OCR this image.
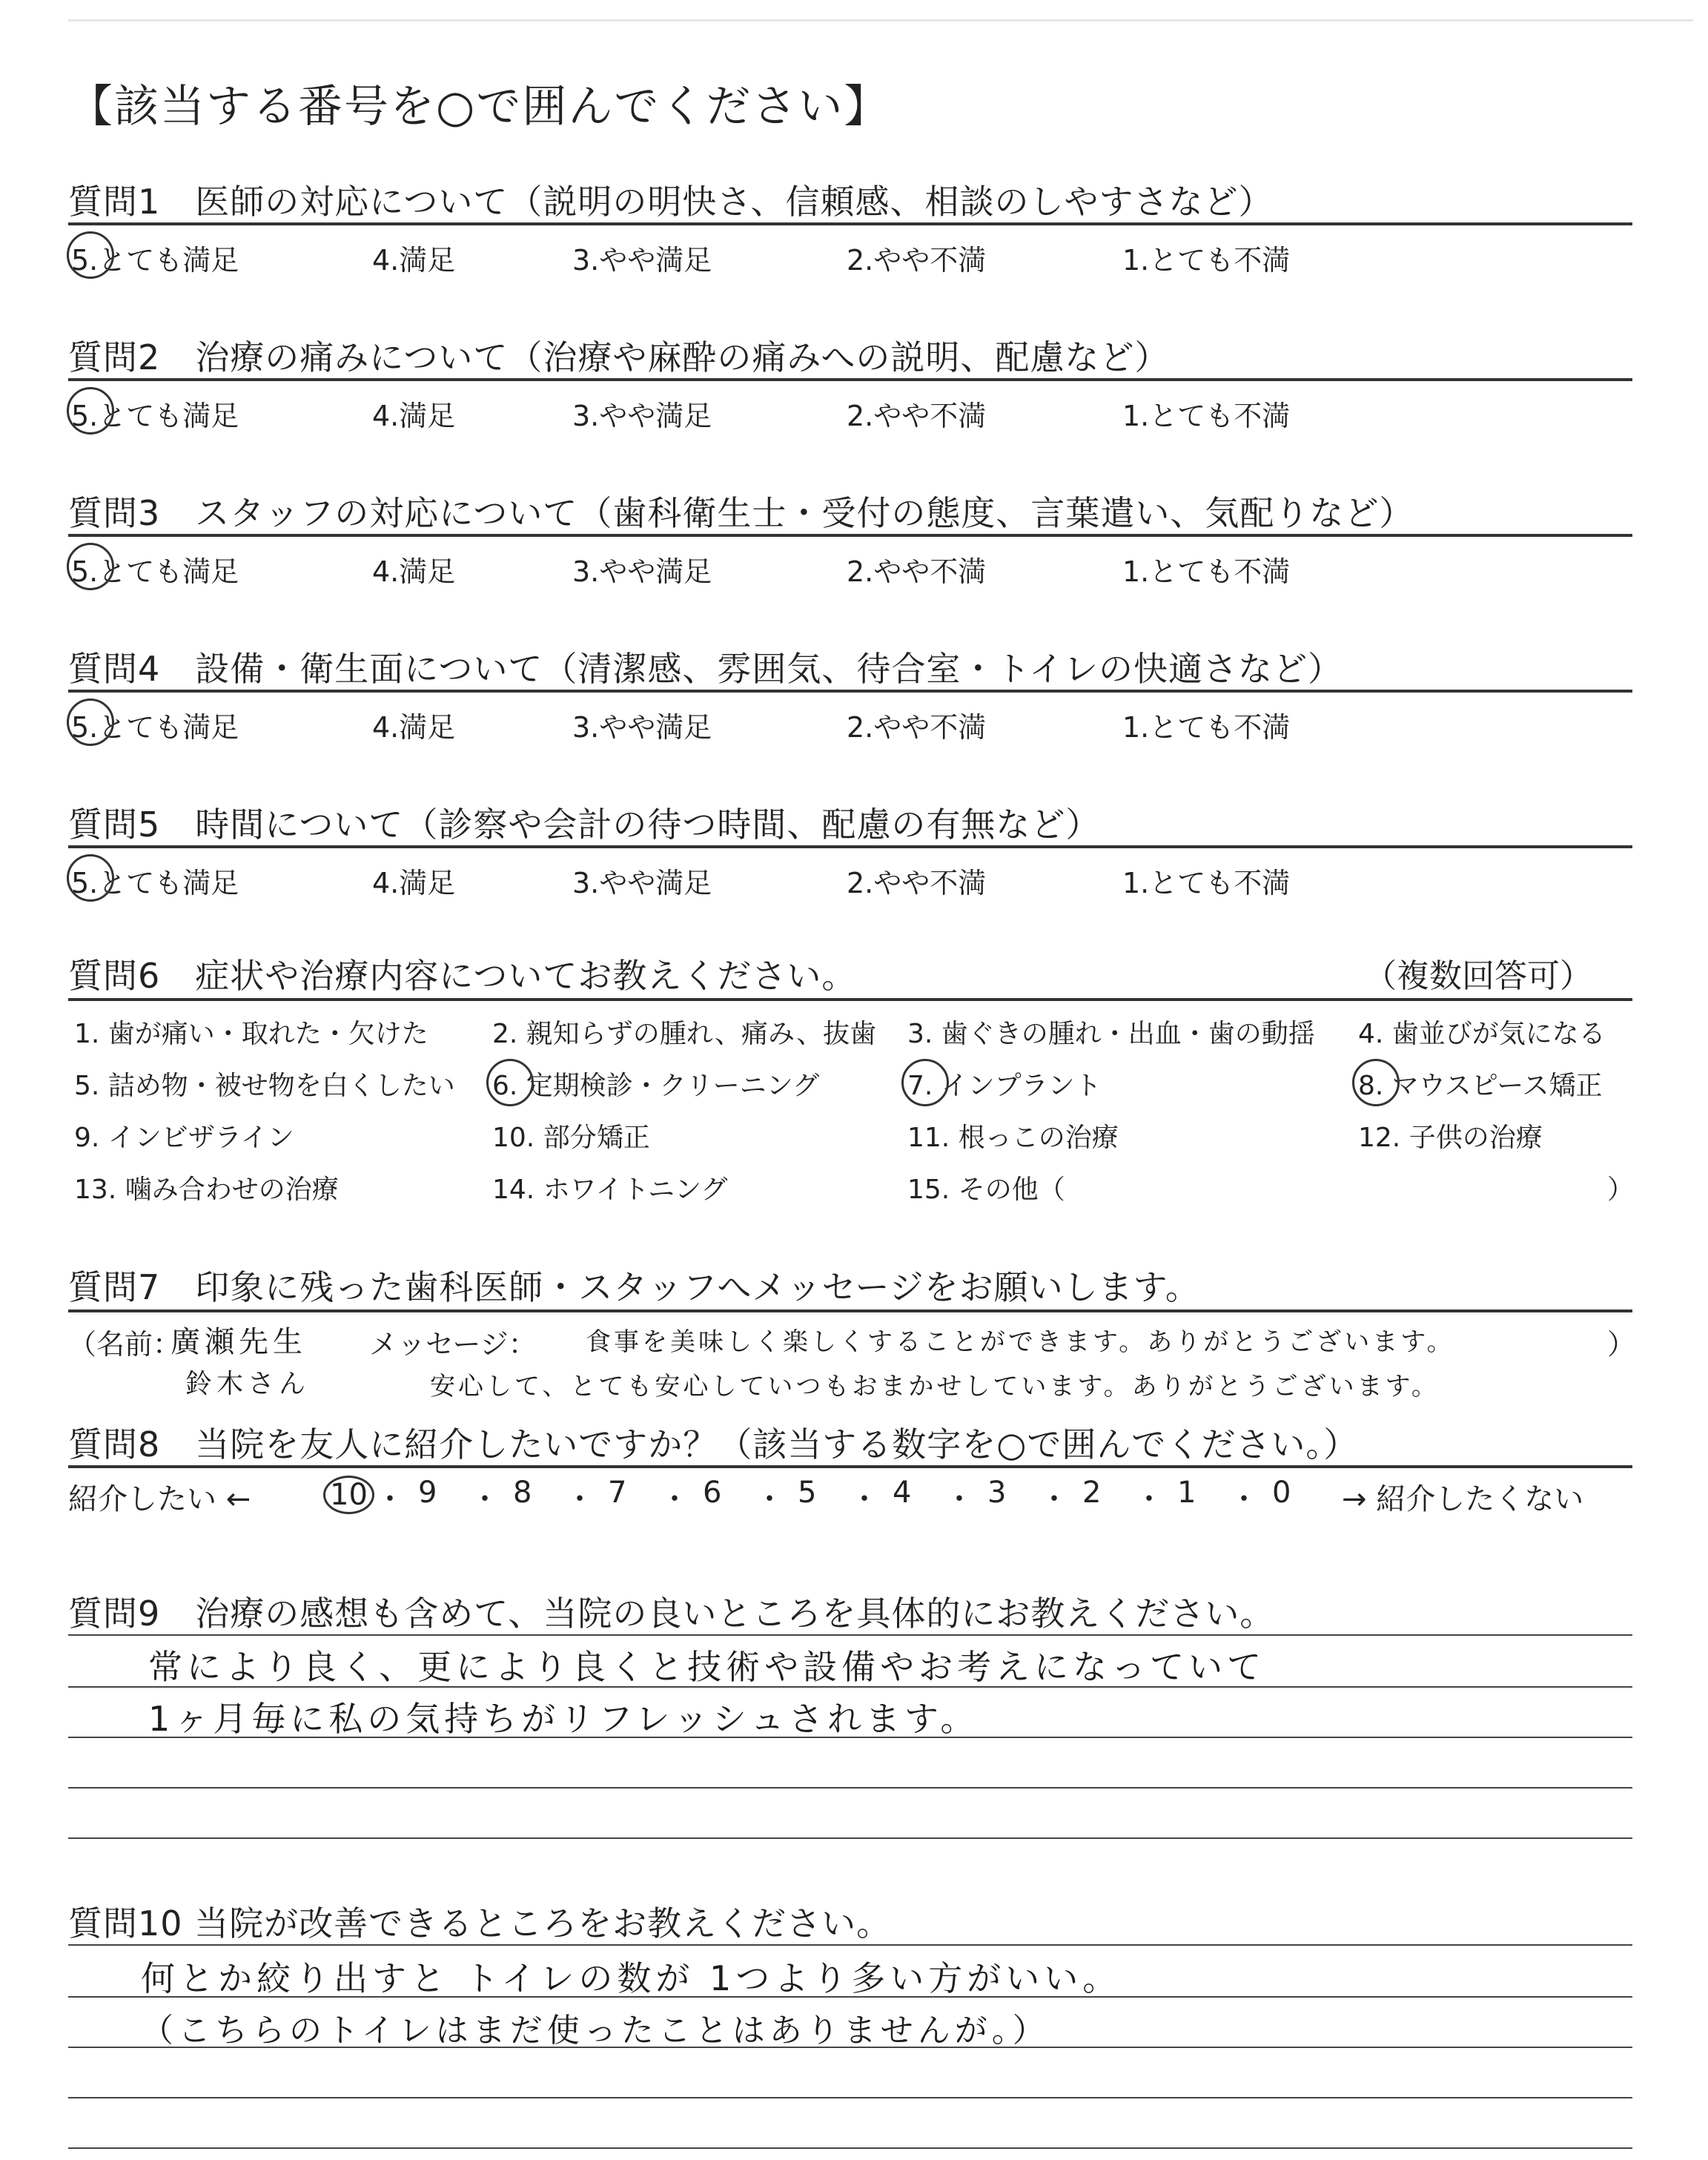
【該当する番号を○で囲んでください】
質問1　医師の対応について（説明の明快さ、信頼感、相談のしやすさなど）
5.とても満足	4.満足	3.やや満足	2.やや不満	1.とても不満
質問2　治療の痛みについて（治療や麻酔の痛みへの説明、配慮など）
5.とても満足	4.満足	3.やや満足	2.やや不満	1.とても不満
質問3　スタッフの対応について（歯科衛生士・受付の態度、言葉遣い、気配りなど）
5.とても満足	4.満足	3.やや満足	2.やや不満	1.とても不満
質問4　設備・衛生面について（清潔感、雰囲気、待合室・トイレの快適さなど）
5.とても満足	4.満足	3.やや満足	2.やや不満	1.とても不満
質問5　時間について（診察や会計の待つ時間、配慮の有無など）
5.とても満足	4.満足	3.やや満足	2.やや不満	1.とても不満
質問6　症状や治療内容についてお教えください。	（複数回答可）
1. 歯が痛い・取れた・欠けた 2. 親知らずの腫れ、痛み、抜歯 3. 歯ぐきの腫れ・出血・歯の動揺 4. 歯並びが気になる
5. 詰め物・被せ物を白くしたい 6. 定期検診・クリーニング	7. インプラント	8. マウスピース矯正
9. インビザライン	10. 部分矯正	11. 根っこの治療	12. 子供の治療
13. 噛み合わせの治療	14. ホワイトニング	15. その他（	）
質問7　印象に残った歯科医師・スタッフへメッセージをお願いします。
（名前：	メッセージ：	）
廣瀬先生	食事を美味しく楽しくすることができます。ありがとうございます。
鈴木さん	安心して、とても安心していつもおまかせしています。ありがとうございます。
質問8　当院を友人に紹介したいですか？（該当する数字を○で囲んでください。）
紹介したい ←	→ 紹介したくない
10 ・ 9 ・ 8 ・ 7 ・ 6 ・ 5 ・ 4 ・ 3 ・ 2 ・ 1 ・ 0
質問9　治療の感想も含めて、当院の良いところを具体的にお教えください。
常により良く、更により良くと技術や設備やお考えになっていて
1ヶ月毎に私の気持ちがリフレッシュされます。
質問10 当院が改善できるところをお教えください。
何とか絞り出すと トイレの数が 1つより多い方がいい。
（こちらのトイレはまだ使ったことはありませんが。）
